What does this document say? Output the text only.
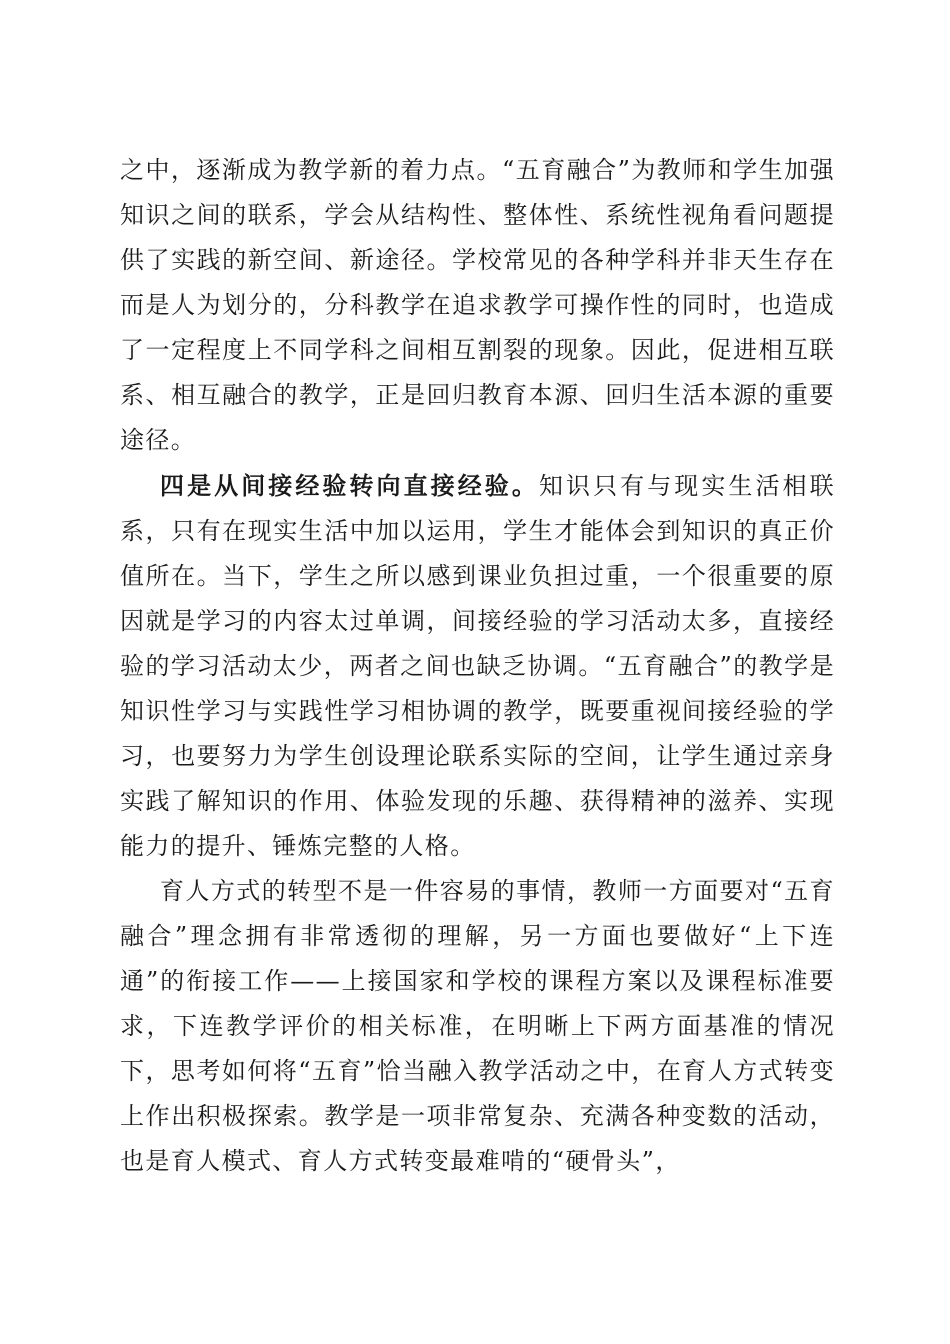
之中，逐渐成为教学新的着力点。“五育融合”为教师和学生加强知识之间的联系，学会从结构性、整体性、系统性视角看问题提供了实践的新空间、新途径。学校常见的各种学科并非天生存在而是人为划分的，分科教学在追求教学可操作性的同时，也造成了一定程度上不同学科之间相互割裂的现象。因此，促进相互联系、相互融合的教学，正是回归教育本源、回归生活本源的重要途径。

四是从间接经验转向直接经验。知识只有与现实生活相联系，只有在现实生活中加以运用，学生才能体会到知识的真正价值所在。当下，学生之所以感到课业负担过重，一个很重要的原因就是学习的内容太过单调，间接经验的学习活动太多，直接经验的学习活动太少，两者之间也缺乏协调。“五育融合”的教学是知识性学习与实践性学习相协调的教学，既要重视间接经验的学习，也要努力为学生创设理论联系实际的空间，让学生通过亲身实践了解知识的作用、体验发现的乐趣、获得精神的滋养、实现能力的提升、锤炼完整的人格。

育人方式的转型不是一件容易的事情，教师一方面要对“五育融合”理念拥有非常透彻的理解，另一方面也要做好“上下连通”的衔接工作——上接国家和学校的课程方案以及课程标准要求，下连教学评价的相关标准，在明晰上下两方面基准的情况下，思考如何将“五育”恰当融入教学活动之中，在育人方式转变上作出积极探索。教学是一项非常复杂、充满各种变数的活动，也是育人模式、育人方式转变最难啃的“硬骨头”，
